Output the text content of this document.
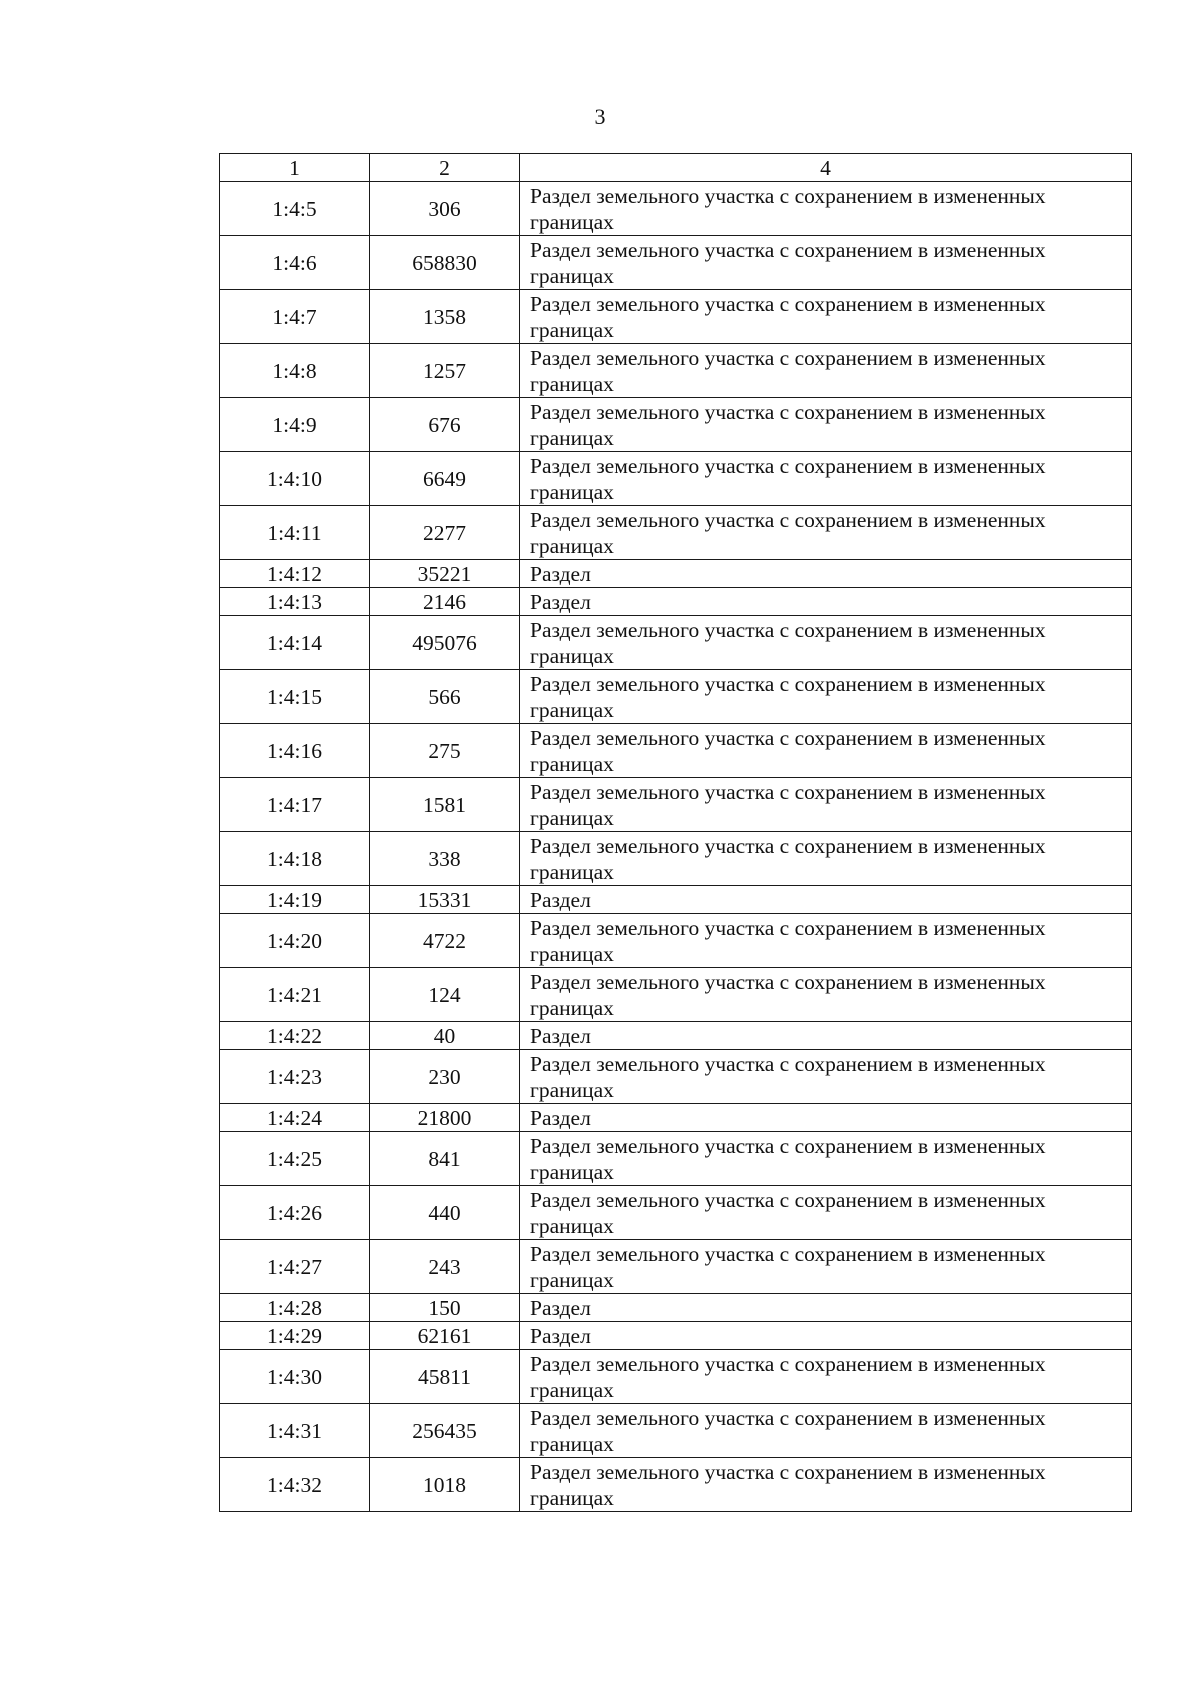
3
1	2	4
1:4:5	306	Раздел земельного участка с сохранением в измененных границах
1:4:6	658830	Раздел земельного участка с сохранением в измененных границах
1:4:7	1358	Раздел земельного участка с сохранением в измененных границах
1:4:8	1257	Раздел земельного участка с сохранением в измененных границах
1:4:9	676	Раздел земельного участка с сохранением в измененных границах
1:4:10	6649	Раздел земельного участка с сохранением в измененных границах
1:4:11	2277	Раздел земельного участка с сохранением в измененных границах
1:4:12	35221	Раздел
1:4:13	2146	Раздел
1:4:14	495076	Раздел земельного участка с сохранением в измененных границах
1:4:15	566	Раздел земельного участка с сохранением в измененных границах
1:4:16	275	Раздел земельного участка с сохранением в измененных границах
1:4:17	1581	Раздел земельного участка с сохранением в измененных границах
1:4:18	338	Раздел земельного участка с сохранением в измененных границах
1:4:19	15331	Раздел
1:4:20	4722	Раздел земельного участка с сохранением в измененных границах
1:4:21	124	Раздел земельного участка с сохранением в измененных границах
1:4:22	40	Раздел
1:4:23	230	Раздел земельного участка с сохранением в измененных границах
1:4:24	21800	Раздел
1:4:25	841	Раздел земельного участка с сохранением в измененных границах
1:4:26	440	Раздел земельного участка с сохранением в измененных границах
1:4:27	243	Раздел земельного участка с сохранением в измененных границах
1:4:28	150	Раздел
1:4:29	62161	Раздел
1:4:30	45811	Раздел земельного участка с сохранением в измененных границах
1:4:31	256435	Раздел земельного участка с сохранением в измененных границах
1:4:32	1018	Раздел земельного участка с сохранением в измененных границах
